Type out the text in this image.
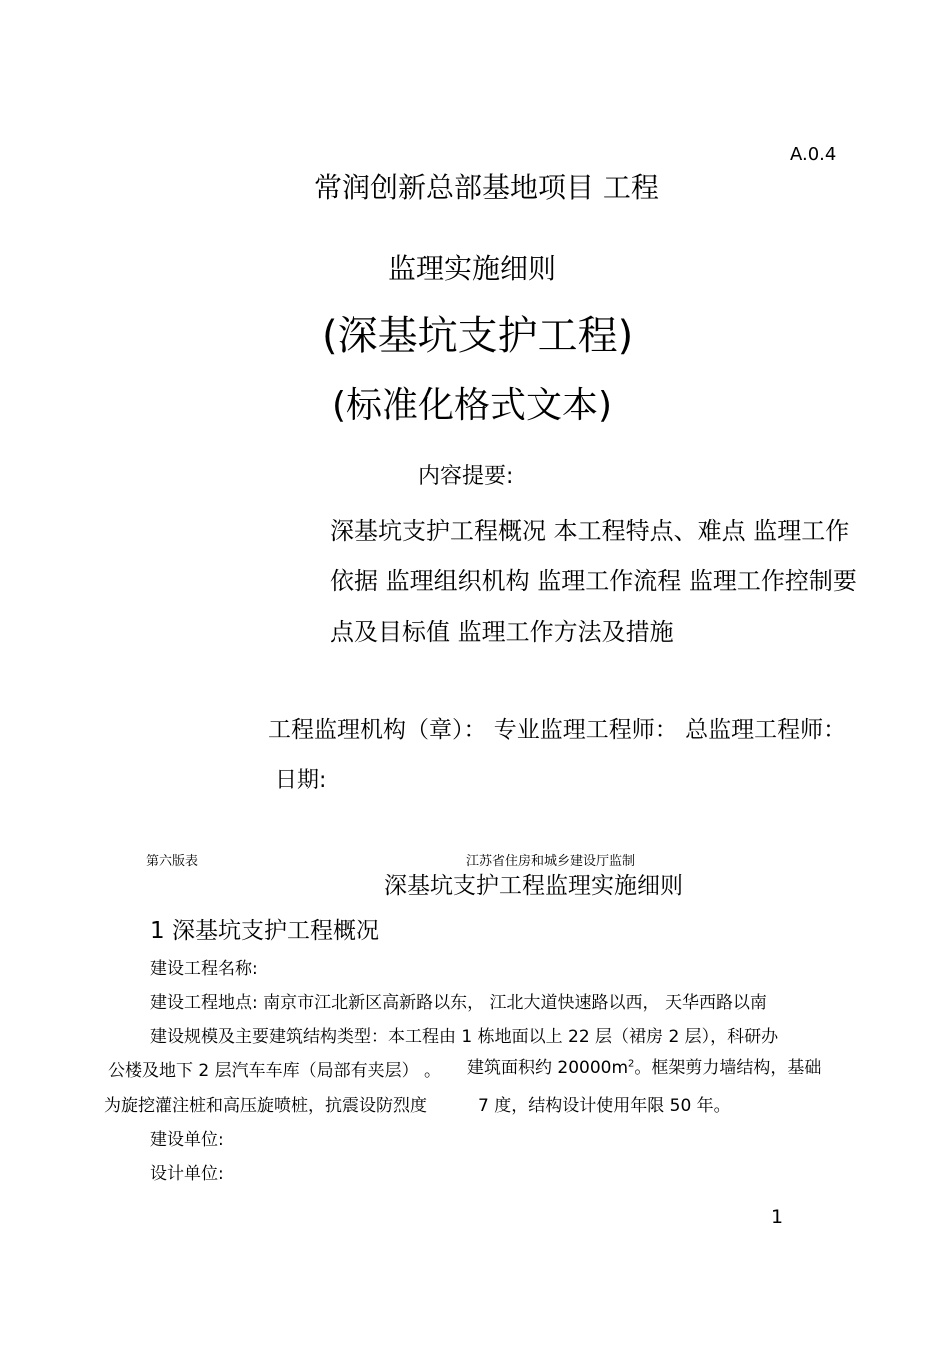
A.0.4
常润创新总部基地项目 工程
监理实施细则
(深基坑支护工程)
(标准化格式文本)
内容提要:
深基坑支护工程概况 本工程特点、难点 监理工作
依据 监理组织机构 监理工作流程 监理工作控制要
点及目标值 监理工作方法及措施
工程监理机构（章）： 专业监理工程师： 总监理工程师：
日期:
第六版表	江苏省住房和城乡建设厅监制
深基坑支护工程监理实施细则
1 深基坑支护工程概况
建设工程名称:
建设工程地点: 南京市江北新区高新路以东， 江北大道快速路以西， 天华西路以南
建设规模及主要建筑结构类型：本工程由 1 栋地面以上 22 层（裙房 2 层），科研办
公楼及地下 2 层汽车车库（局部有夹层） 。 建筑面积约 $20000m^2$。框架剪力墙结构，基础
为旋挖灌注桩和高压旋喷桩，抗震设防烈度	7 度，结构设计使用年限 50 年。
建设单位:
设计单位:
1
